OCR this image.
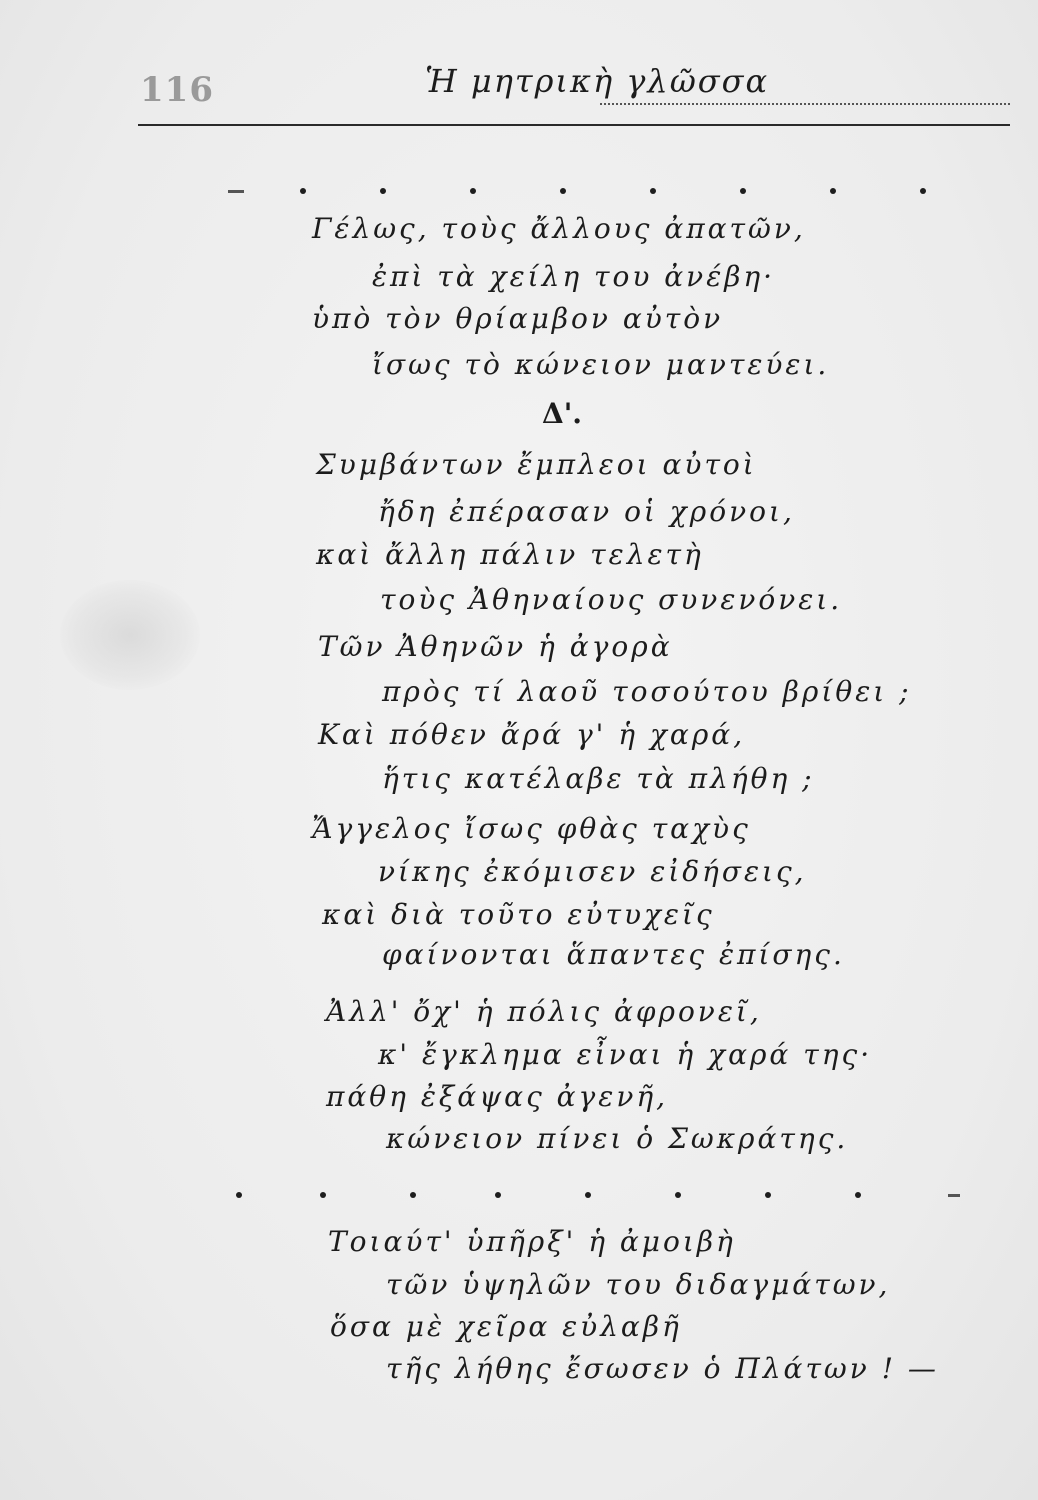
116	Ἡ μητρικὴ γλῶσσα
Γέλως, τοὺς ἄλλους ἀπατῶν,
ἐπὶ τὰ χείλη του ἀνέβη·
ὑπὸ τὸν θρίαμβον αὐτὸν
ἴσως τὸ κώνειον μαντεύει.
Δ'.
Συμβάντων ἔμπλεοι αὐτοὶ
ἤδη ἐπέρασαν οἱ χρόνοι,
καὶ ἄλλη πάλιν τελετὴ
τοὺς Ἀθηναίους συνενόνει.
Τῶν Ἀθηνῶν ἡ ἀγορὰ
πρὸς τί λαοῦ τοσούτου βρίθει ;
Καὶ πόθεν ἄρά γ' ἡ χαρά,
ἥτις κατέλαβε τὰ πλήθη ;
Ἄγγελος ἴσως φθὰς ταχὺς
νίκης ἐκόμισεν εἰδήσεις,
καὶ διὰ τοῦτο εὐτυχεῖς
φαίνονται ἅπαντες ἐπίσης.
Ἀλλ' ὄχ' ἡ πόλις ἀφρονεῖ,
κ' ἔγκλημα εἶναι ἡ χαρά της·
πάθη ἐξάψας ἀγενῆ,
κώνειον πίνει ὁ Σωκράτης.
Τοιαύτ' ὑπῆρξ' ἡ ἀμοιβὴ
τῶν ὑψηλῶν του διδαγμάτων,
ὅσα μὲ χεῖρα εὐλαβῆ
τῆς λήθης ἔσωσεν ὁ Πλάτων ! —
